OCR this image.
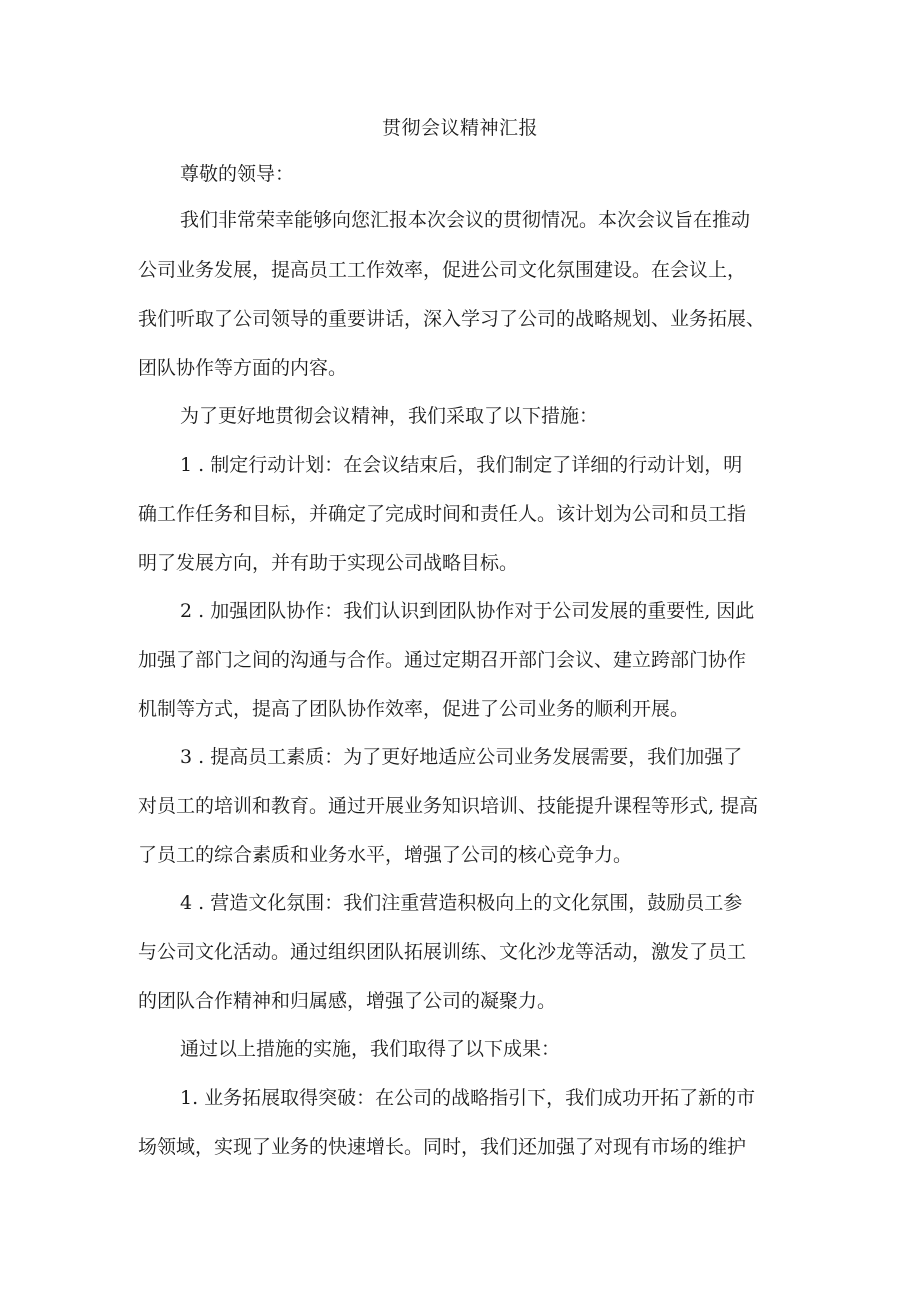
贯彻会议精神汇报
尊敬的领导：
我们非常荣幸能够向您汇报本次会议的贯彻情况。本次会议旨在推动
公司业务发展，提高员工工作效率，促进公司文化氛围建设。在会议上，
我们听取了公司领导的重要讲话，深入学习了公司的战略规划、业务拓展、
团队协作等方面的内容。
为了更好地贯彻会议精神，我们采取了以下措施：
1 . 制定行动计划：在会议结束后，我们制定了详细的行动计划，明
确工作任务和目标，并确定了完成时间和责任人。该计划为公司和员工指
明了发展方向，并有助于实现公司战略目标。
2 . 加强团队协作：我们认识到团队协作对于公司发展的重要性, 因此
加强了部门之间的沟通与合作。通过定期召开部门会议、建立跨部门协作
机制等方式，提高了团队协作效率，促进了公司业务的顺利开展。
3 . 提高员工素质：为了更好地适应公司业务发展需要，我们加强了
对员工的培训和教育。通过开展业务知识培训、技能提升课程等形式, 提高
了员工的综合素质和业务水平，增强了公司的核心竞争力。
4 . 营造文化氛围：我们注重营造积极向上的文化氛围，鼓励员工参
与公司文化活动。通过组织团队拓展训练、文化沙龙等活动，激发了员工
的团队合作精神和归属感，增强了公司的凝聚力。
通过以上措施的实施，我们取得了以下成果：
1. 业务拓展取得突破：在公司的战略指引下，我们成功开拓了新的市
场领域，实现了业务的快速增长。同时，我们还加强了对现有市场的维护
